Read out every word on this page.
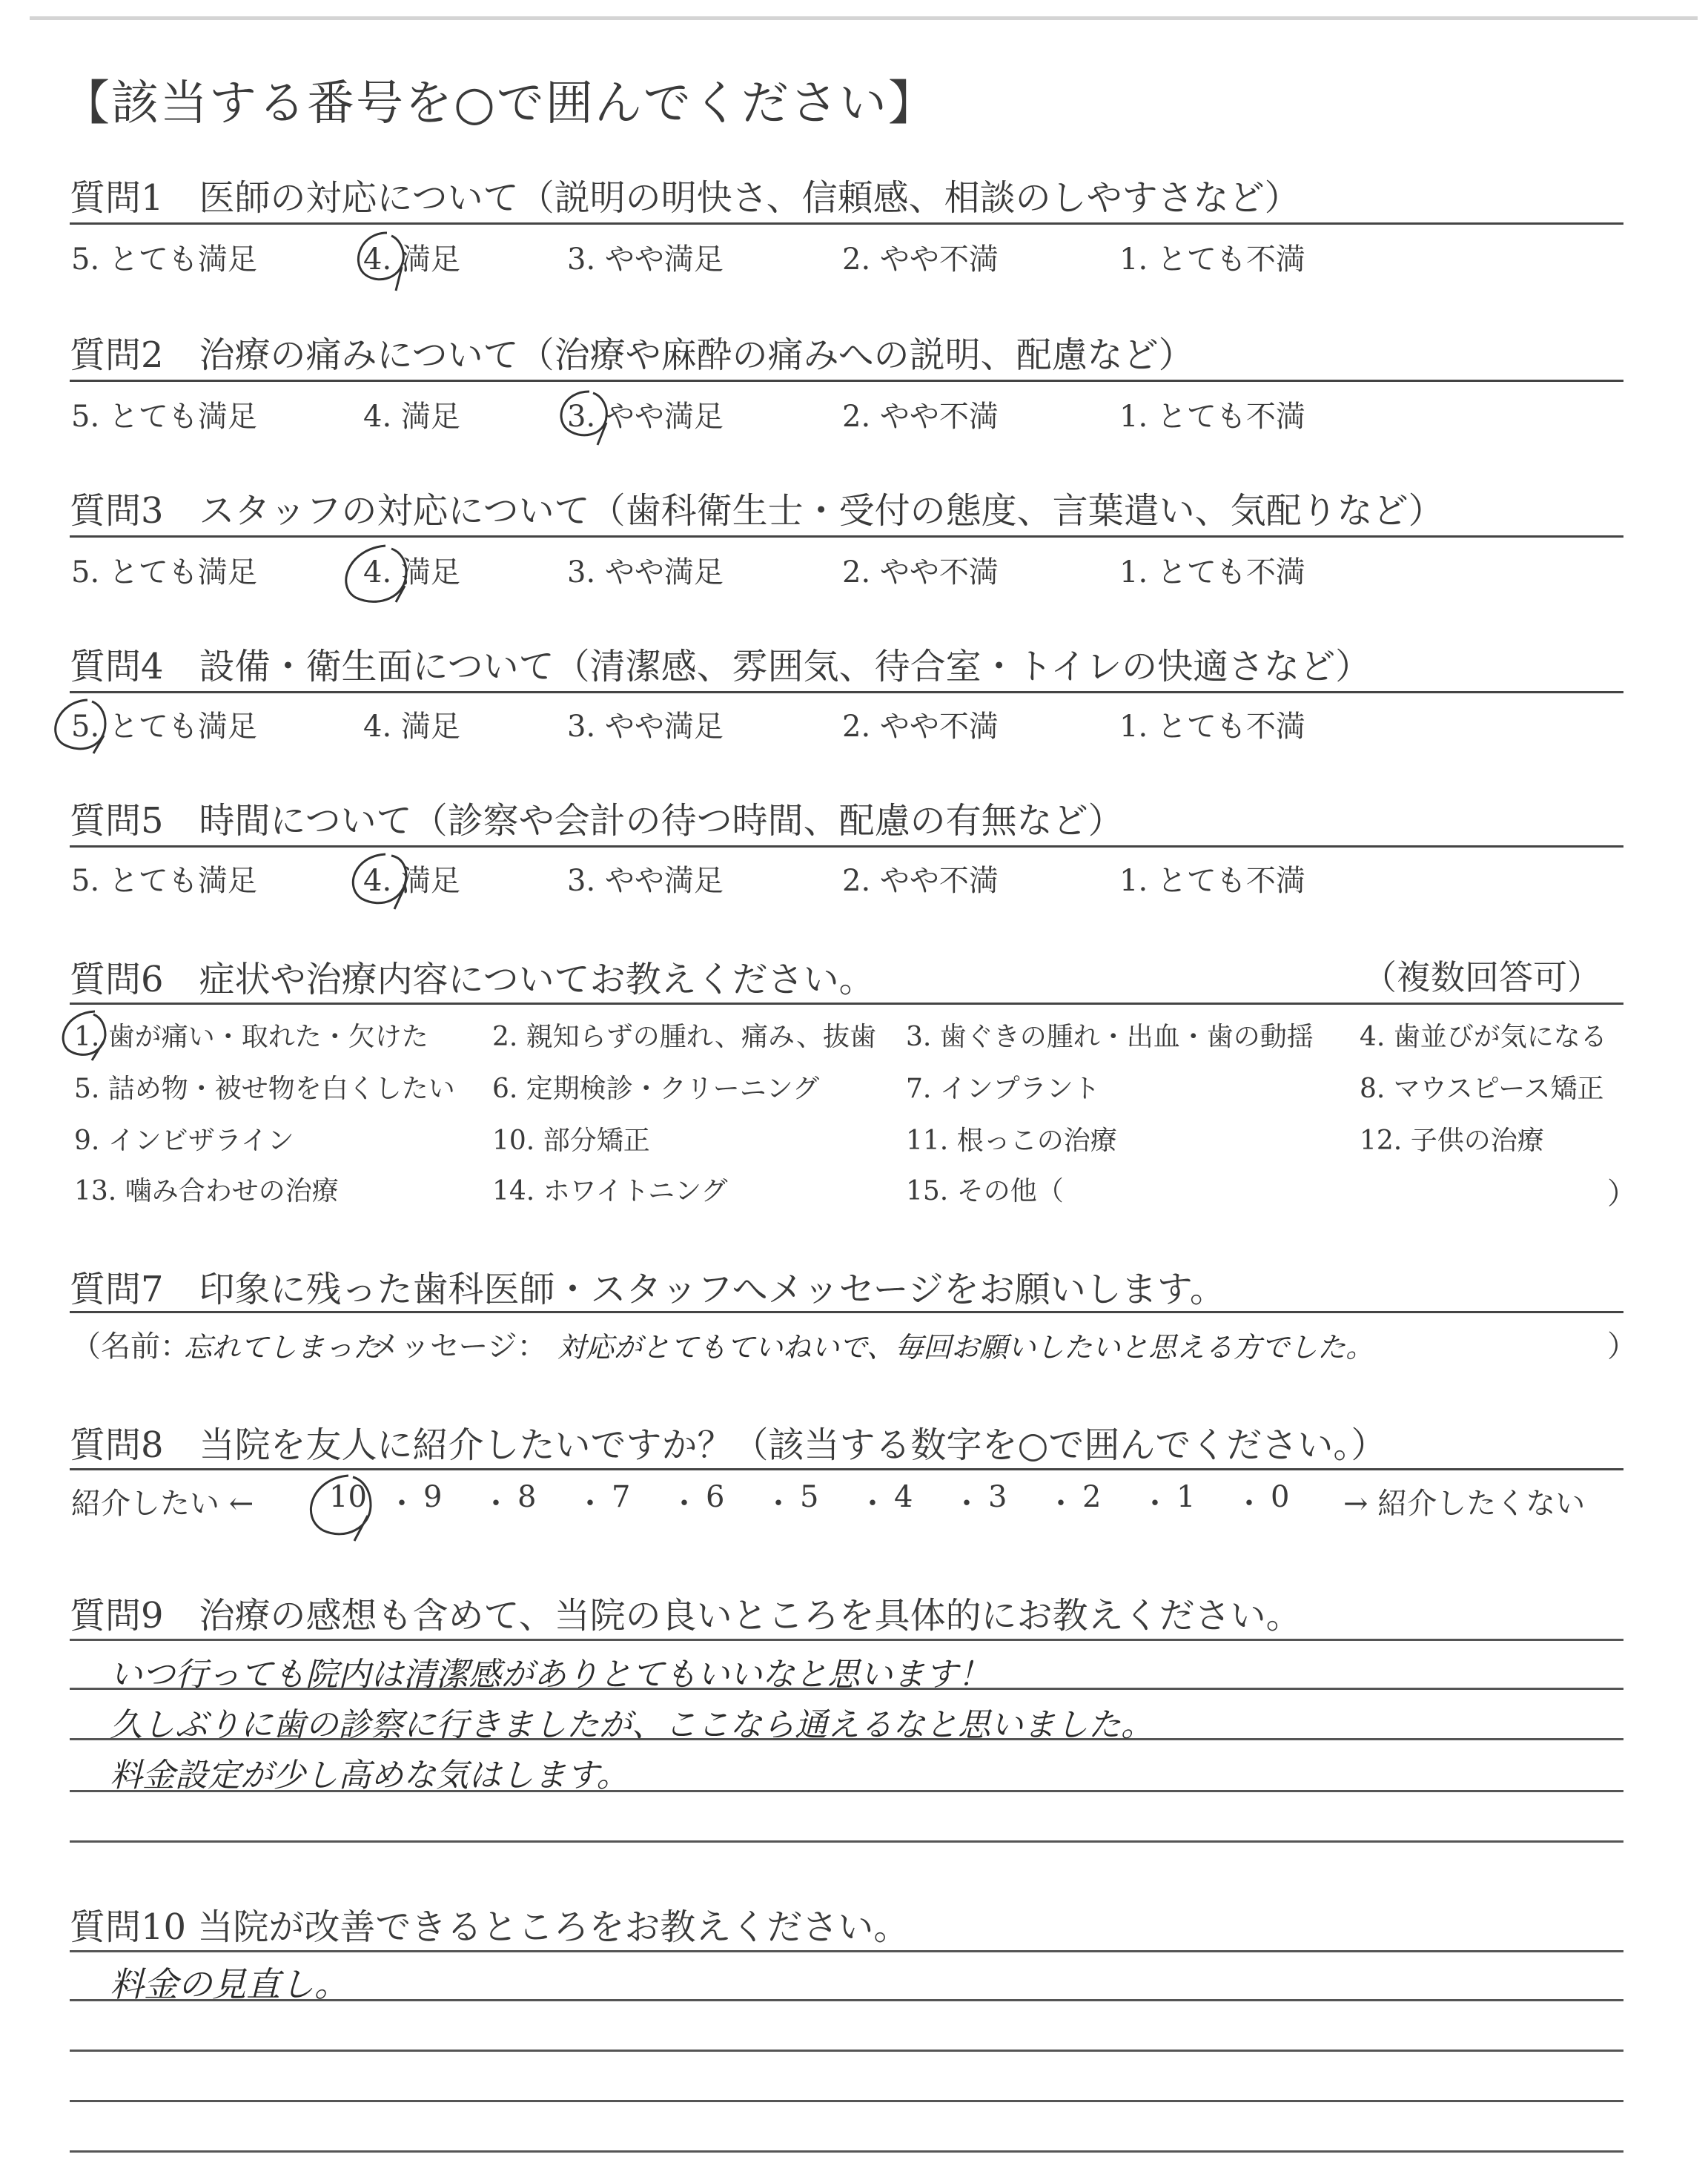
【該当する番号を○で囲んでください】
質問1　医師の対応について（説明の明快さ、信頼感、相談のしやすさなど）
5. とても満足	4. 満足	3. やや満足	2. やや不満	1. とても不満
質問2　治療の痛みについて（治療や麻酔の痛みへの説明、配慮など）
5. とても満足	4. 満足	3. やや満足	2. やや不満	1. とても不満
質問3　スタッフの対応について（歯科衛生士・受付の態度、言葉遣い、気配りなど）
5. とても満足	4. 満足	3. やや満足	2. やや不満	1. とても不満
質問4　設備・衛生面について（清潔感、雰囲気、待合室・トイレの快適さなど）
5. とても満足	4. 満足	3. やや満足	2. やや不満	1. とても不満
質問5　時間について（診察や会計の待つ時間、配慮の有無など）
5. とても満足	4. 満足	3. やや満足	2. やや不満	1. とても不満
質問6　症状や治療内容についてお教えください。	（複数回答可）
1. 歯が痛い・取れた・欠けた 2. 親知らずの腫れ、痛み、抜歯 3. 歯ぐきの腫れ・出血・歯の動揺 4. 歯並びが気になる
5. 詰め物・被せ物を白くしたい 6. 定期検診・クリーニング	7. インプラント	8. マウスピース矯正
9. インビザライン	10. 部分矯正	11. 根っこの治療	12. 子供の治療
13. 噛み合わせの治療	14. ホワイトニング	15. その他（	）
質問7　印象に残った歯科医師・スタッフへメッセージをお願いします。
（名前：
忘れてしまった
メッセージ： 対応がとてもていねいで、毎回お願いしたいと思える方でした。	）
質問8　当院を友人に紹介したいですか？（該当する数字を○で囲んでください。）
紹介したい ←	10 ・ 9 ・ 8 ・ 7 ・ 6 ・ 5 ・ 4 ・ 3 ・ 2 ・ 1 ・ 0 → 紹介したくない
質問9　治療の感想も含めて、当院の良いところを具体的にお教えください。
いつ行っても院内は清潔感がありとてもいいなと思います！
久しぶりに歯の診察に行きましたが、ここなら通えるなと思いました。
料金設定が少し高めな気はします。
質問10 当院が改善できるところをお教えください。
料金の見直し。
